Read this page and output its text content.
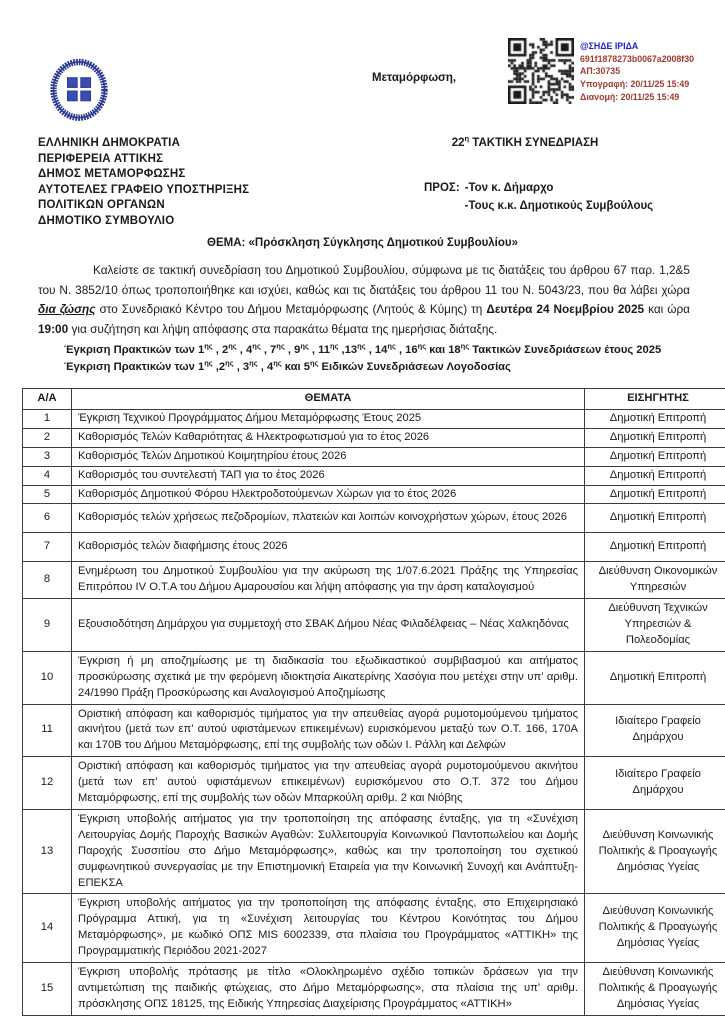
ΕΛΛΗΝΙΚΗ ΔΗΜΟΚΡΑΤΙΑ
ΠΕΡΙΦΕΡΕΙΑ ΑΤΤΙΚΗΣ
ΔΗΜΟΣ ΜΕΤΑΜΟΡΦΩΣΗΣ
ΑΥΤΟΤΕΛΕΣ ΓΡΑΦΕΙΟ ΥΠΟΣΤΗΡΙΞΗΣ
ΠΟΛΙΤΙΚΩΝ ΟΡΓΑΝΩΝ
ΔΗΜΟΤΙΚΟ ΣΥΜΒΟΥΛΙΟ
Μεταμόρφωση,
@ΣΗΔΕ ΙΡΙΔΑ
691f1878273b0067a2008f30
ΑΠ:30735
Υπογραφή: 20/11/25 15:49
Διανομή: 20/11/25 15:49
$22^\eta$ ΤΑΚΤΙΚΗ ΣΥΝΕΔΡΙΑΣΗ
ΠΡΟΣ: -Τον κ. Δήμαρχο
-Τους κ.κ. Δημοτικούς Συμβούλους
ΘΕΜΑ: «Πρόσκληση Σύγκλησης Δημοτικού Συμβουλίου»
Καλείστε σε τακτική συνεδρίαση του Δημοτικού Συμβουλίου, σύμφωνα με τις διατάξεις του άρθρου 67 παρ. 1,2&5 του Ν. 3852/10 όπως τροποποιήθηκε και ισχύει, καθώς και τις διατάξεις του άρθρου 11 του Ν. 5043/23, που θα λάβει χώρα δια ζώσης στο Συνεδριακό Κέντρο του Δήμου Μεταμόρφωσης (Λητούς & Κύμης) τη Δευτέρα 24 Νοεμβρίου 2025 και ώρα 19:00 για συζήτηση και λήψη απόφασης στα παρακάτω θέματα της ημερήσιας διάταξης.
Έγκριση Πρακτικών των $1^{\eta\varsigma}$ , $2^{\eta\varsigma}$ , $4^{\eta\varsigma}$ , $7^{\eta\varsigma}$ , $9^{\eta\varsigma}$ , $11^{\eta\varsigma}$ $,13^{\eta\varsigma}$ , $14^{\eta\varsigma}$ , $16^{\eta\varsigma}$ και $18^{\eta\varsigma}$ Τακτικών Συνεδριάσεων έτους 2025
Έγκριση Πρακτικών των $1^{\eta\varsigma}$ $,2^{\eta\varsigma}$ , $3^{\eta\varsigma}$ , $4^{\eta\varsigma}$ και $5^{\eta\varsigma}$ Ειδικών Συνεδριάσεων Λογοδοσίας
Α/Α	ΘΕΜΑΤΑ	ΕΙΣΗΓΗΤΗΣ
1	Έγκριση Τεχνικού Προγράμματος Δήμου Μεταμόρφωσης Έτους 2025	Δημοτική Επιτροπή
2	Καθορισμός Τελών Καθαριότητας & Ηλεκτροφωτισμού για το έτος 2026	Δημοτική Επιτροπή
3	Καθορισμός Τελών Δημοτικού Κοιμητηρίου έτους 2026	Δημοτική Επιτροπή
4	Καθορισμός του συντελεστή ΤΑΠ για το έτος 2026	Δημοτική Επιτροπή
5	Καθορισμός Δημοτικού Φόρου Ηλεκτροδοτούμενων Χώρων για το έτος 2026	Δημοτική Επιτροπή
6	Καθορισμός τελών χρήσεως πεζοδρομίων, πλατειών και λοιπών κοινοχρήστων χώρων, έτους 2026	Δημοτική Επιτροπή
7	Καθορισμός τελών διαφήμισης έτους 2026	Δημοτική Επιτροπή
8	Ενημέρωση του Δημοτικού Συμβουλίου για την ακύρωση της 1/07.6.2021 Πράξης της Υπηρεσίας Επιτρόπου IV Ο.Τ.Α του Δήμου Αμαρουσίου και λήψη απόφασης για την άρση καταλογισμού	Διεύθυνση Οικονομικών Υπηρεσιών
9	Εξουσιοδότηση Δημάρχου για συμμετοχή στο ΣΒΑΚ Δήμου Νέας Φιλαδέλφειας – Νέας Χαλκηδόνας	Διεύθυνση Τεχνικών Υπηρεσιών & Πολεοδομίας
10	Έγκριση ή μη αποζημίωσης με τη διαδικασία του εξωδικαστικού συμβιβασμού και αιτήματος προσκύρωσης σχετικά με την φερόμενη ιδιοκτησία Αικατερίνης Χασόγια που μετέχει στην υπ’ αριθμ. 24/1990 Πράξη Προσκύρωσης και Αναλογισμού Αποζημίωσης	Δημοτική Επιτροπή
11	Οριστική απόφαση και καθορισμός τιμήματος για την απευθείας αγορά ρυμοτομούμενου τμήματος ακινήτου (μετά των επ’ αυτού υφιστάμενων επικειμένων) ευρισκόμενου μεταξύ των Ο.Τ. 166, 170Α και 170Β του Δήμου Μεταμόρφωσης, επί της συμβολής των οδών Ι. Ράλλη και Δελφών	Ιδιαίτερο Γραφείο Δημάρχου
12	Οριστική απόφαση και καθορισμός τιμήματος για την απευθείας αγορά ρυμοτομούμενου ακινήτου (μετά των επ’ αυτού υφιστάμενων επικειμένων) ευρισκόμενου στο Ο.Τ. 372 του Δήμου Μεταμόρφωσης, επί της συμβολής των οδών Μπαρκούλη αριθμ. 2 και Νιόβης	Ιδιαίτερο Γραφείο Δημάρχου
13	Έγκριση υποβολής αιτήματος για την τροποποίηση της απόφασης ένταξης, για τη «Συνέχιση Λειτουργίας Δομής Παροχής Βασικών Αγαθών: Συλλειτουργία Κοινωνικού Παντοπωλείου και Δομής Παροχής Συσσιτίου στο Δήμο Μεταμόρφωσης», καθώς και την τροποποίηση του σχετικού συμφωνητικού συνεργασίας με την Επιστημονική Εταιρεία για την Κοινωνική Συνοχή και Ανάπτυξη-ΕΠΕΚΣΑ	Διεύθυνση Κοινωνικής Πολιτικής & Προαγωγής Δημόσιας Υγείας
14	Έγκριση υποβολής αιτήματος για την τροποποίηση της απόφασης ένταξης, στο Επιχειρησιακό Πρόγραμμα Αττική, για τη «Συνέχιση λειτουργίας του Κέντρου Κοινότητας του Δήμου Μεταμόρφωσης», με κωδικό ΟΠΣ MIS 6002339, στα πλαίσια του Προγράμματος «ΑΤΤΙΚΗ» της Προγραμματικής Περιόδου 2021-2027	Διεύθυνση Κοινωνικής Πολιτικής & Προαγωγής Δημόσιας Υγείας
15	Έγκριση υποβολής πρότασης με τίτλο «Ολοκληρωμένο σχέδιο τοπικών δράσεων για την αντιμετώπιση της παιδικής φτώχειας, στο Δήμο Μεταμόρφωσης», στα πλαίσια της υπ’ αριθμ. πρόσκλησης ΟΠΣ 18125, της Ειδικής Υπηρεσίας Διαχείρισης Προγράμματος «ΑΤΤΙΚΗ»	Διεύθυνση Κοινωνικής Πολιτικής & Προαγωγής Δημόσιας Υγείας
